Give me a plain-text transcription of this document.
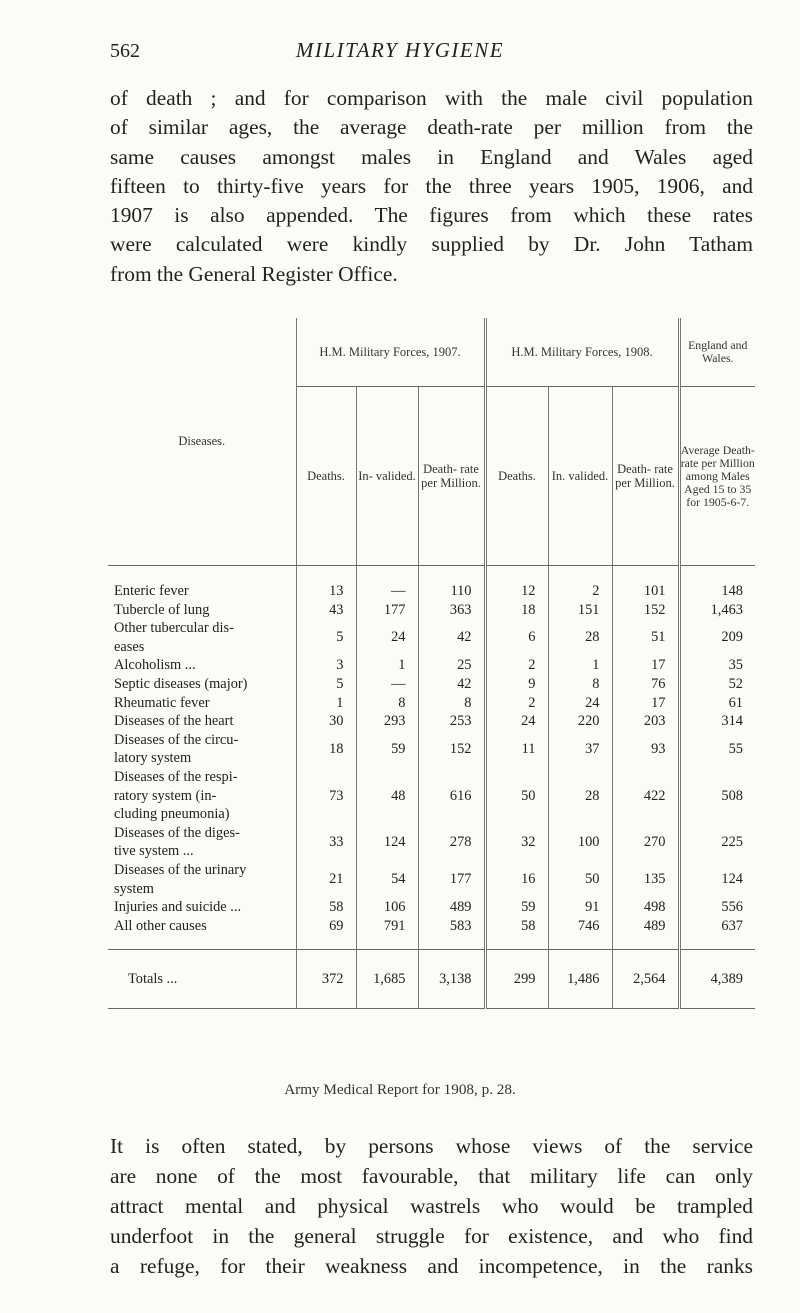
562	MILITARY HYGIENE
of death ; and for comparison with the male civil population
of similar ages, the average death-rate per million from the
same causes amongst males in England and Wales aged
fifteen to thirty-five years for the three years 1905, 1906, and
1907 is also appended. The figures from which these rates
were calculated were kindly supplied by Dr. John Tatham
from the General Register Office.
Diseases.	H.M. Military Forces, 1907.			H.M. Military Forces, 1908.			England and Wales.
	Deaths.	In- valided.	Death- rate per Million.	Deaths.	In. valided.	Death- rate per Million.	Average Death- rate per Million among Males Aged 15 to 35 for 1905-6-7.

Enteric fever	13	—	110	12	2	101	148

Tubercle of lung	43	177	363	18	151	152	1,463

Other tubercular dis-
eases	5	24	42	6	28	51	209

Alcoholism ...	3	1	25	2	1	17	35

Septic diseases (major)	5	—	42	9	8	76	52

Rheumatic fever	1	8	8	2	24	17	61

Diseases of the heart	30	293	253	24	220	203	314

Diseases of the circu-
latory system	18	59	152	11	37	93	55

Diseases of the respi-
ratory system (in-
cluding pneumonia)	73	48	616	50	28	422	508

Diseases of the diges-
tive system ...	33	124	278	32	100	270	225

Diseases of the urinary
system	21	54	177	16	50	135	124

Injuries and suicide ...	58	106	489	59	91	498	556

All other causes	69	791	583	58	746	489	637
Totals ...	372	1,685	3,138	299	1,486	2,564	4,389
Army Medical Report for 1908, p. 28.
It is often stated, by persons whose views of the service
are none of the most favourable, that military life can only
attract mental and physical wastrels who would be trampled
underfoot in the general struggle for existence, and who find
a refuge, for their weakness and incompetence, in the ranks
